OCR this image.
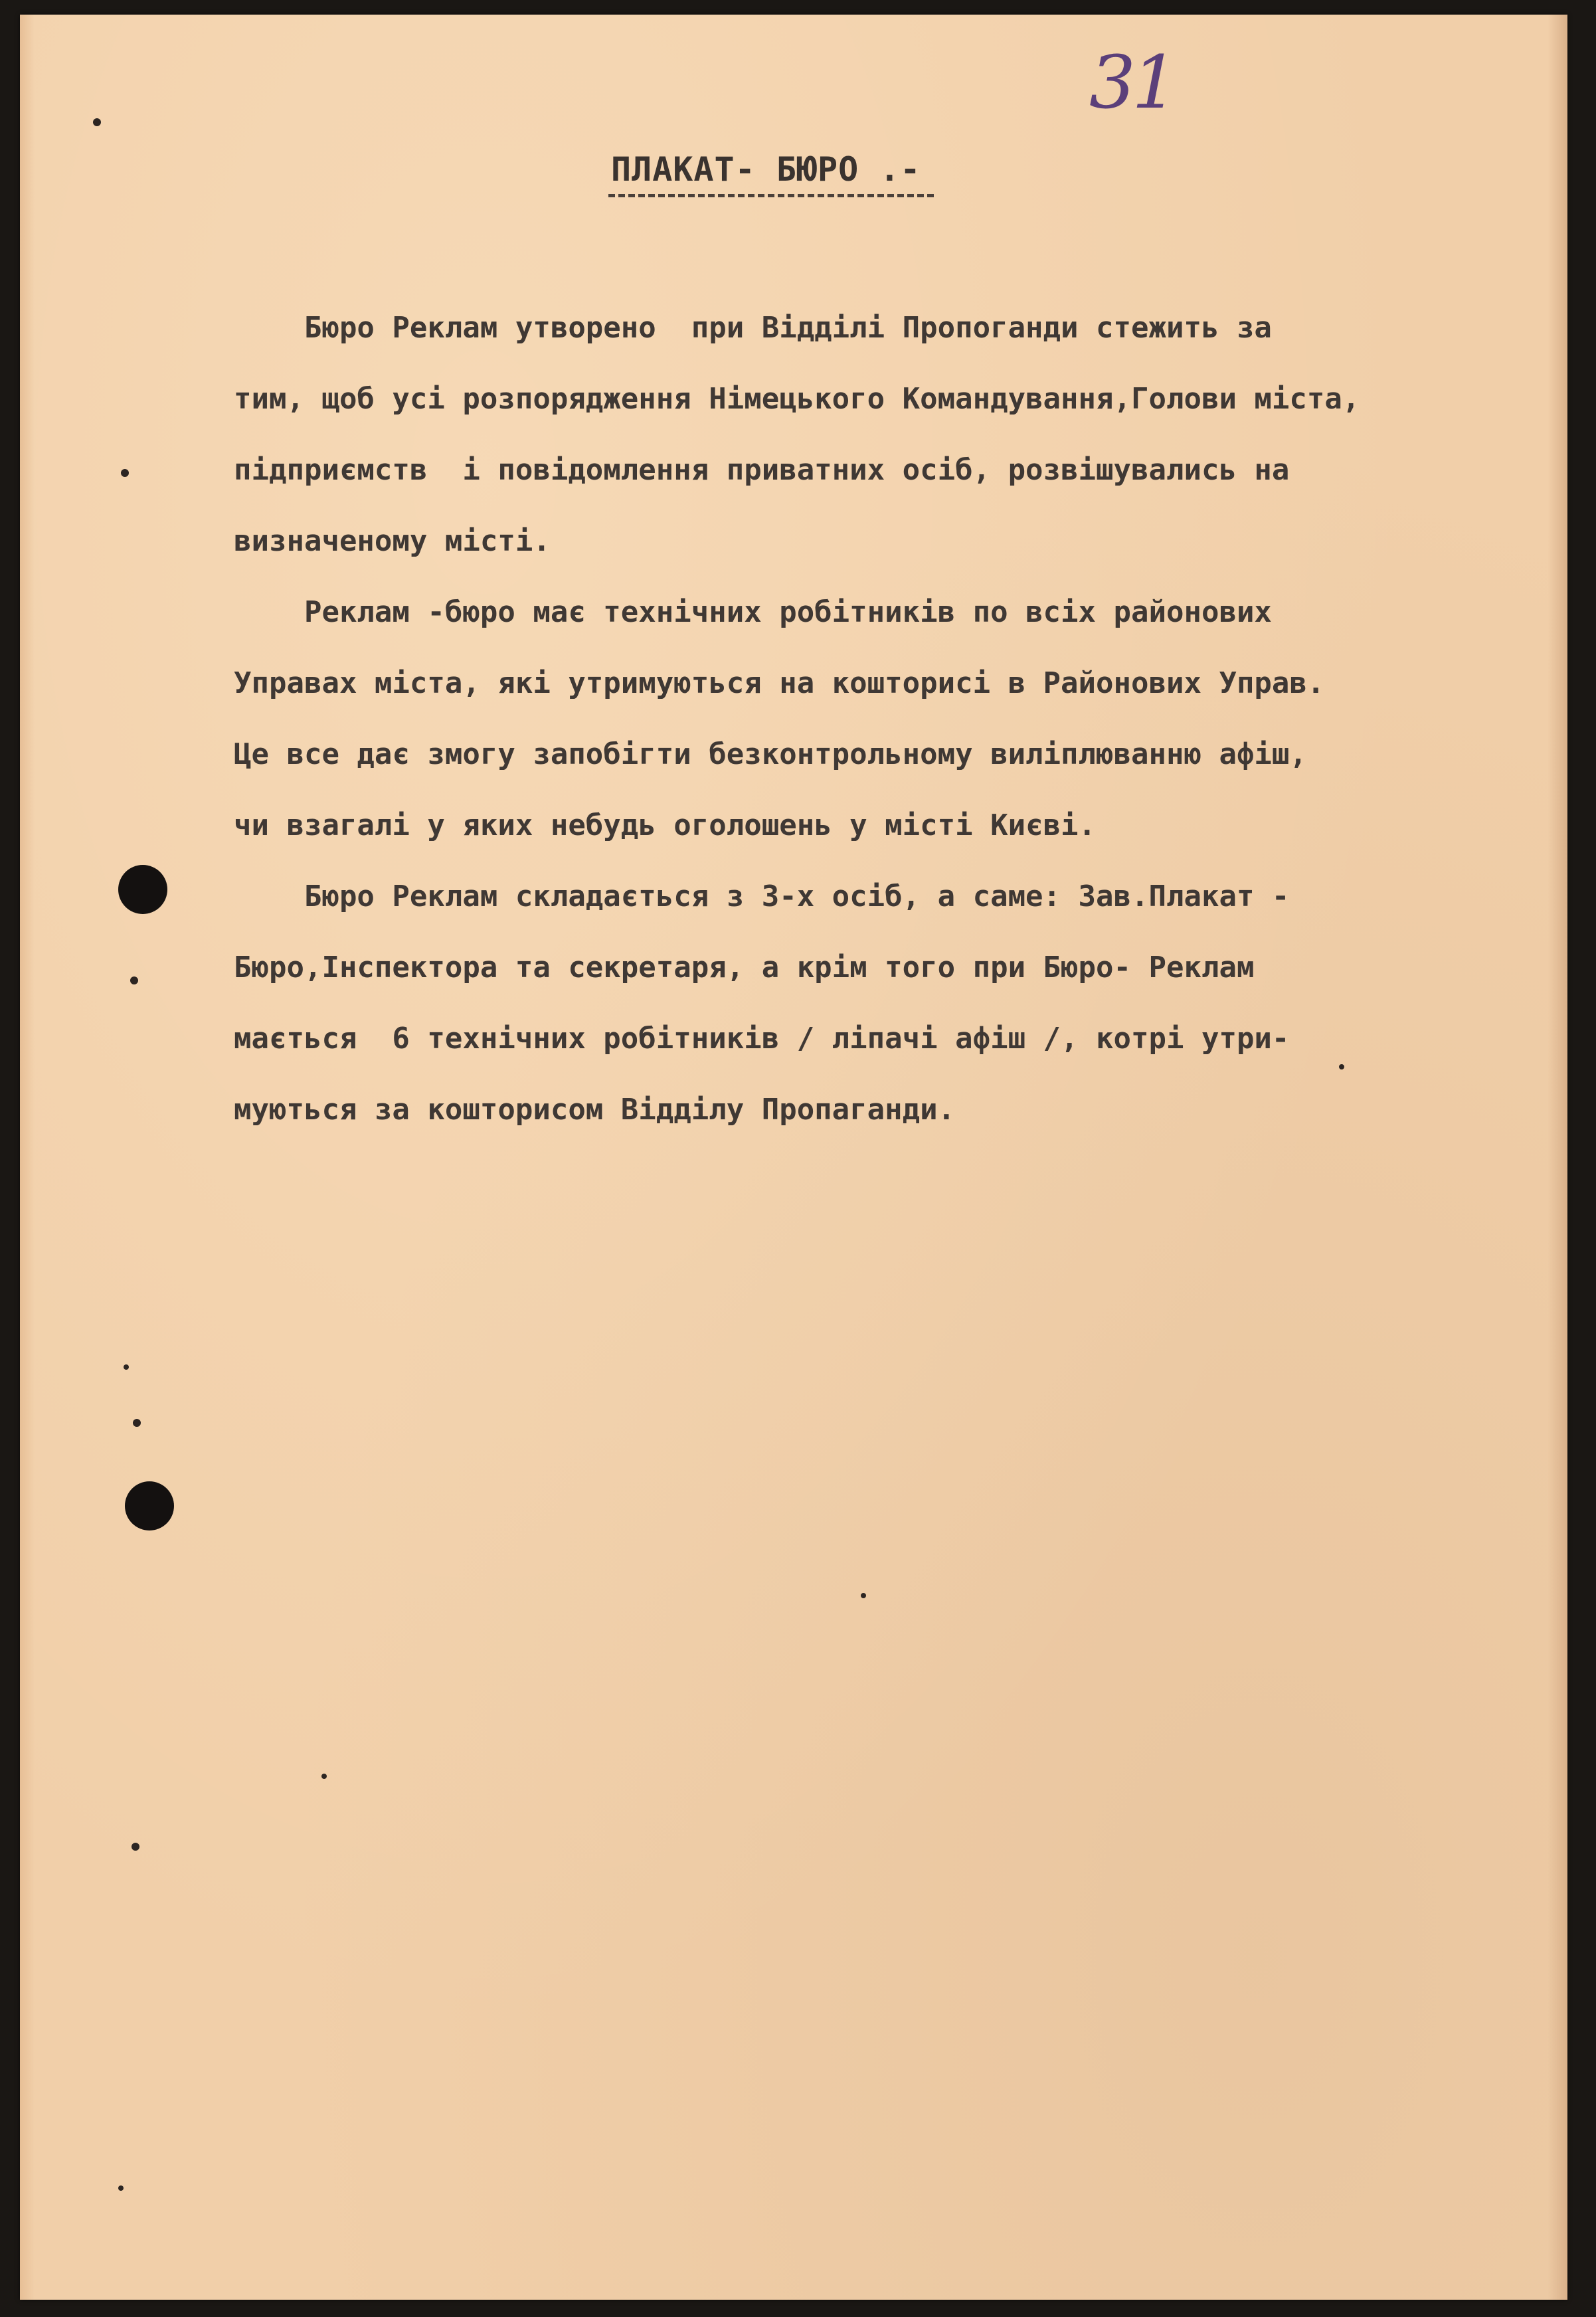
31
ПЛАКАТ- БЮРО .-

Бюро Реклам утворено  при Відділі Пропоганди стежить за
тим, щоб усі розпорядження Німецького Командування,Голови міста,
підприємств  і повідомлення приватних осіб, розвішувались на
визначеному місті.

Реклам -бюро має технічних робітників по всіх районових
Управах міста, які утримуються на кошторисі в Районових Управ.
Це все дає змогу запобігти безконтрольному виліплюванню афіш,
чи взагалі у яких небудь оголошень у місті Києві.

Бюро Реклам складається з 3-х осіб, а саме: Зав.Плакат -
Бюро,Інспектора та секретаря, а крім того при Бюро- Реклам
мається  6 технічних робітників / ліпачі афіш /, котрі утри-
муються за кошторисом Відділу Пропаганди.
